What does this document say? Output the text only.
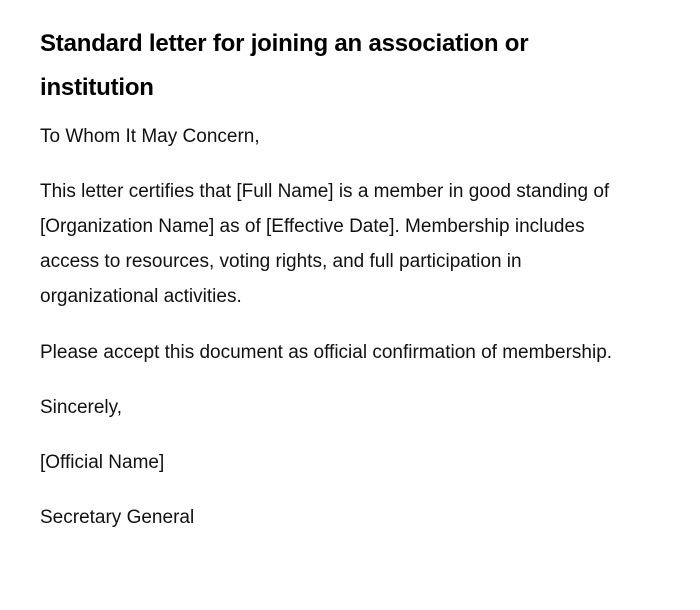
Standard letter for joining an association or institution

To Whom It May Concern,

This letter certifies that [Full Name] is a member in good standing of [Organization Name] as of [Effective Date]. Membership includes access to resources, voting rights, and full participation in organizational activities.

Please accept this document as official confirmation of membership.

Sincerely,

[Official Name]

Secretary General
